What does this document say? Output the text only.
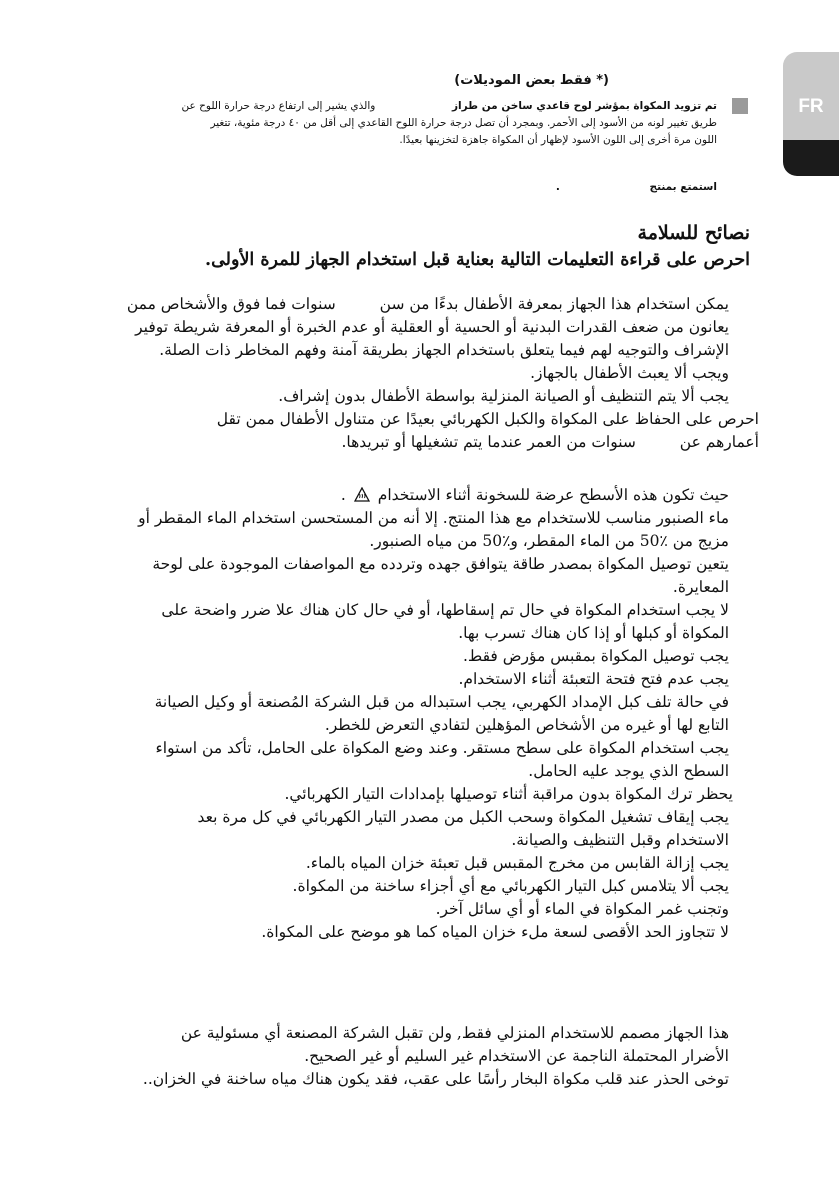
FR
(* فقط بعض الموديلات)
تم تزويد المكواة بمؤشر لوح قاعدي ساخن من طراز  والذي يشير إلى ارتفاع درجة حرارة اللوح عن
طريق تغيير لونه من الأسود إلى الأحمر. وبمجرد أن تصل درجة حرارة اللوح القاعدي إلى أقل من ٤٠ درجة مئوية، تتغير
اللون مرة أخرى إلى اللون الأسود لإظهار أن المكواة جاهزة لتخزينها بعيدًا.
استمتع بمنتج .
نصائح للسلامة
احرص على قراءة التعليمات التالية بعناية قبل استخدام الجهاز للمرة الأولى.
يمكن استخدام هذا الجهاز بمعرفة الأطفال بدءًا من سن  سنوات فما فوق والأشخاص ممن
يعانون من ضعف القدرات البدنية أو الحسية أو العقلية أو عدم الخبرة أو المعرفة شريطة توفير
الإشراف والتوجيه لهم فيما يتعلق باستخدام الجهاز بطريقة آمنة وفهم المخاطر ذات الصلة.
ويجب ألا يعبث الأطفال بالجهاز.
يجب ألا يتم التنظيف أو الصيانة المنزلية بواسطة الأطفال بدون إشراف.
احرص على الحفاظ على المكواة والكبل الكهربائي بعيدًا عن متناول الأطفال ممن تقل
أعمارهم عن  سنوات من العمر عندما يتم تشغيلها أو تبريدها.
حيث تكون هذه الأسطح عرضة للسخونة أثناء الاستخدام  .
ماء الصنبور مناسب للاستخدام مع هذا المنتج. إلا أنه من المستحسن استخدام الماء المقطر أو
مزيج من ٪50 من الماء المقطر، و٪50 من مياه الصنبور.
يتعين توصيل المكواة بمصدر طاقة يتوافق جهده وتردده مع المواصفات الموجودة على لوحة
المعايرة.
لا يجب استخدام المكواة في حال تم إسقاطها، أو في حال كان هناك علا ضرر واضحة على
المكواة أو كبلها أو إذا كان هناك تسرب بها.
يجب توصيل المكواة بمقبس مؤرض فقط.
يجب عدم فتح فتحة التعبئة أثناء الاستخدام.
في حالة تلف كبل الإمداد الكهربي، يجب استبداله من قبل الشركة المُصنعة أو وكيل الصيانة
التابع لها أو غيره من الأشخاص المؤهلين لتفادي التعرض للخطر.
يجب استخدام المكواة على سطح مستقر. وعند وضع المكواة على الحامل، تأكد من استواء
السطح الذي يوجد عليه الحامل.
يحظر ترك المكواة بدون مراقبة أثناء توصيلها بإمدادات التيار الكهربائي.
يجب إيقاف تشغيل المكواة وسحب الكبل من مصدر التيار الكهربائي في كل مرة بعد
الاستخدام وقبل التنظيف والصيانة.
يجب إزالة القابس من مخرج المقبس قبل تعبئة خزان المياه بالماء.
يجب ألا يتلامس كبل التيار الكهربائي مع أي أجزاء ساخنة من المكواة.
وتجنب غمر المكواة في الماء أو أي سائل آخر.
لا تتجاوز الحد الأقصى لسعة ملء خزان المياه كما هو موضح على المكواة.
هذا الجهاز مصمم للاستخدام المنزلي فقط, ولن تقبل الشركة المصنعة أي مسئولية عن
الأضرار المحتملة الناجمة عن الاستخدام غير السليم أو غير الصحيح.
توخى الحذر عند قلب مكواة البخار رأسًا على عقب، فقد يكون هناك مياه ساخنة في الخزان..
